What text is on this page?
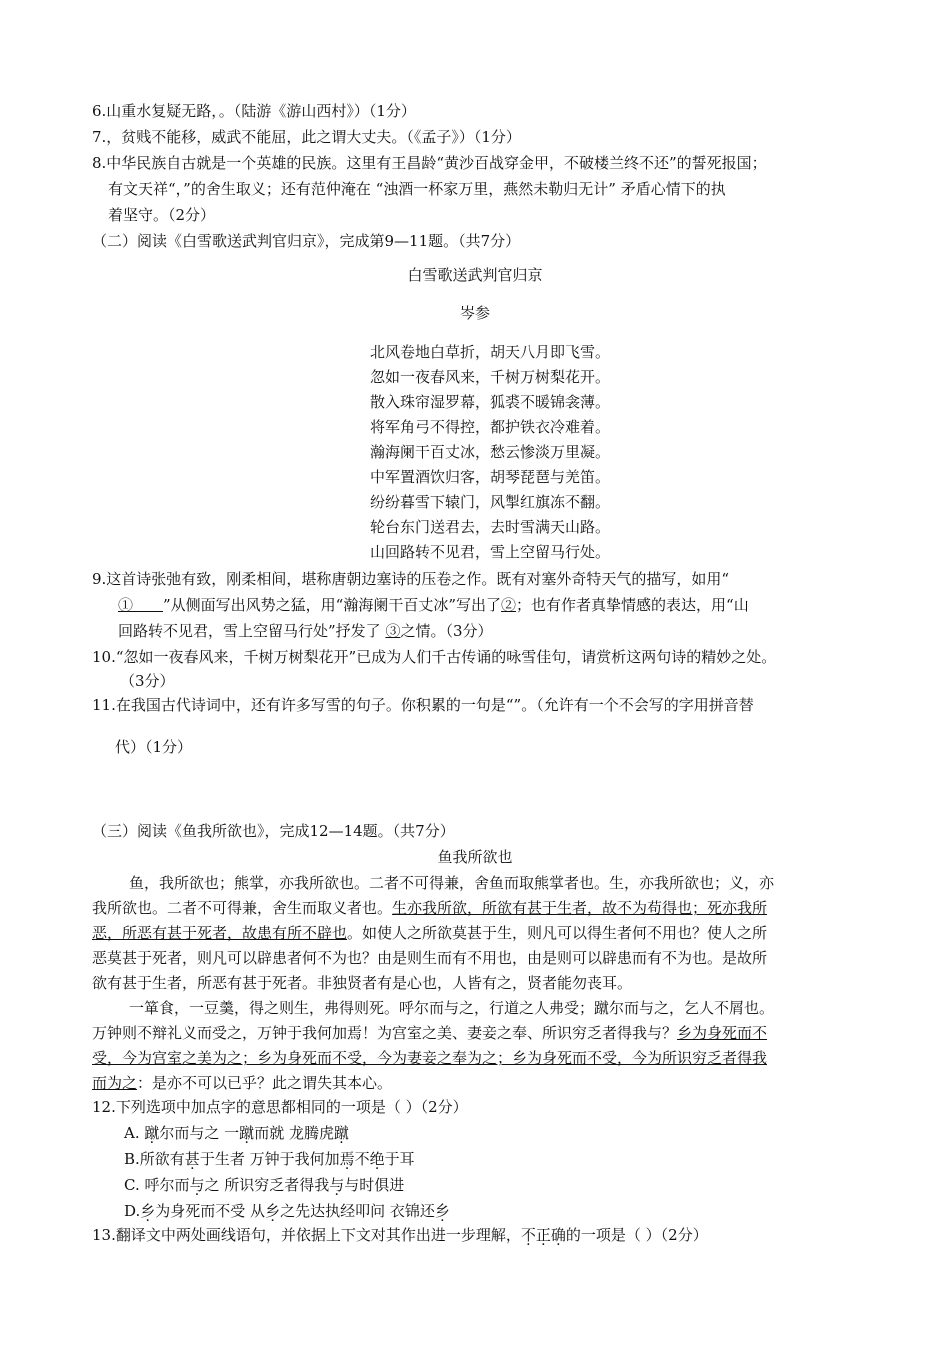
6.山重水复疑无路，。（陆游《游山西村》）（1分）
7.，贫贱不能移，威武不能屈，此之谓大丈夫。（《孟子》）（1分）
8.中华民族自古就是一个英雄的民族。这里有王昌龄“黄沙百战穿金甲，不破楼兰终不还”的誓死报国；
有文天祥“，”的舍生取义；还有范仲淹在 “浊酒一杯家万里，燕然未勒归无计” 矛盾心情下的执
着坚守。（2分）
（二）阅读《白雪歌送武判官归京》，完成第9—11题。（共7分）
白雪歌送武判官归京
岑参
北风卷地白草折，胡天八月即飞雪。
忽如一夜春风来，千树万树梨花开。
散入珠帘湿罗幕，狐裘不暖锦衾薄。
将军角弓不得控，都护铁衣冷难着。
瀚海阑干百丈冰，愁云惨淡万里凝。
中军置酒饮归客，胡琴琵琶与羌笛。
纷纷暮雪下辕门，风掣红旗冻不翻。
轮台东门送君去，去时雪满天山路。
山回路转不见君，雪上空留马行处。
9.这首诗张弛有致，刚柔相间，堪称唐朝边塞诗的压卷之作。既有对塞外奇特天气的描写，如用“
①   ”从侧面写出风势之猛，用“瀚海阑干百丈冰”写出了②；也有作者真挚情感的表达，用“山
回路转不见君，雪上空留马行处”抒发了 ③之情。（3分）
10.“忽如一夜春风来，千树万树梨花开”已成为人们千古传诵的咏雪佳句，请赏析这两句诗的精妙之处。
（3分）
11.在我国古代诗词中，还有许多写雪的句子。你积累的一句是“”。（允许有一个不会写的字用拼音替
代）（1分）
（三）阅读《鱼我所欲也》，完成12—14题。（共7分）
鱼我所欲也
鱼，我所欲也；熊掌，亦我所欲也。二者不可得兼，舍鱼而取熊掌者也。生，亦我所欲也；义，亦
我所欲也。二者不可得兼，舍生而取义者也。生亦我所欲，所欲有甚于生者，故不为苟得也；死亦我所
恶，所恶有甚于死者，故患有所不辟也。如使人之所欲莫甚于生，则凡可以得生者何不用也？使人之所
恶莫甚于死者，则凡可以辟患者何不为也？由是则生而有不用也，由是则可以辟患而有不为也。是故所
欲有甚于生者，所恶有甚于死者。非独贤者有是心也，人皆有之，贤者能勿丧耳。
一箪食，一豆羹，得之则生，弗得则死。呼尔而与之，行道之人弗受；蹴尔而与之，乞人不屑也。
万钟则不辩礼义而受之，万钟于我何加焉！为宫室之美、妻妾之奉、所识穷乏者得我与？乡为身死而不
受，今为宫室之美为之；乡为身死而不受，今为妻妾之奉为之；乡为身死而不受，今为所识穷乏者得我
而为之：是亦不可以已乎？此之谓失其本心。
12.下列选项中加点字的意思都相同的一项是（ ）（2分）
A. 蹴尔而与之 一蹴而就 龙腾虎蹴
B.所欲有甚于生者 万钟于我何加焉不绝于耳
C. 呼尔而与之 所识穷乏者得我与与时俱进
D.乡为身死而不受 从乡之先达执经叩问 衣锦还乡
13.翻译文中两处画线语句，并依据上下文对其作出进一步理解，不正确的一项是（ ）（2分）
